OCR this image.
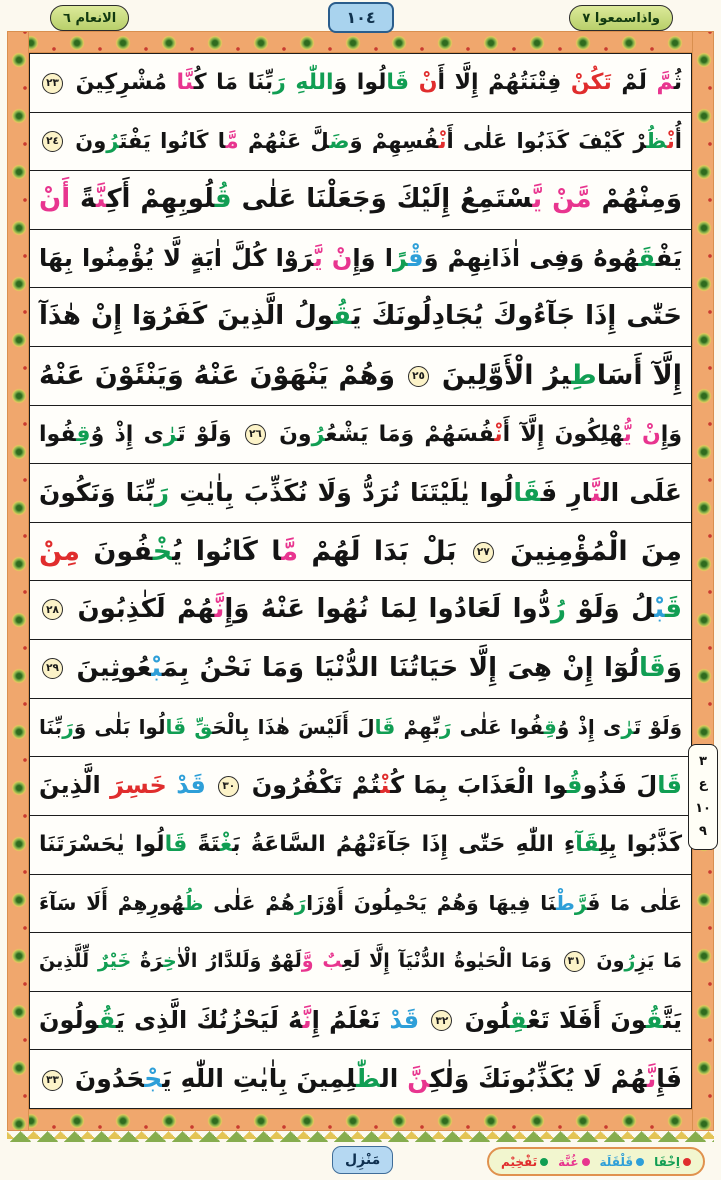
الانعام ٦	١٠٤	واذاسمعوا ٧
ثُمَّ لَمْ تَكُنْ فِتْنَتُهُمْ إِلَّا أَنْ قَالُوا وَاللّٰهِ رَبِّنَا مَا كُنَّا مُشْرِكِينَ ٢٣
أُنْظُرْ كَيْفَ كَذَبُوا عَلٰى أَنْفُسِهِمْ وَضَلَّ عَنْهُمْ مَّا كَانُوا يَفْتَرُونَ ٢٤
وَمِنْهُمْ مَّنْ يَّسْتَمِعُ إِلَيْكَ وَجَعَلْنَا عَلٰى قُلُوبِهِمْ أَكِنَّةً أَنْ
يَفْقَهُوهُ وَفِى اٰذَانِهِمْ وَقْرًا وَإِنْ يَّرَوْا كُلَّ اٰيَةٍ لَّا يُؤْمِنُوا بِهَا
حَتّٰى إِذَا جَآءُوكَ يُجَادِلُونَكَ يَقُولُ الَّذِينَ كَفَرُوٓا إِنْ هٰذَآ
إِلَّآ أَسَاطِيرُ الْأَوَّلِينَ ٢٥ وَهُمْ يَنْهَوْنَ عَنْهُ وَيَنْئَوْنَ عَنْهُ
وَإِنْ يُّهْلِكُونَ إِلَّآ أَنْفُسَهُمْ وَمَا يَشْعُرُونَ ٢٦ وَلَوْ تَرٰى إِذْ وُقِفُوا
عَلَى النَّارِ فَقَالُوا يٰلَيْتَنَا نُرَدُّ وَلَا نُكَذِّبَ بِاٰيٰتِ رَبِّنَا وَنَكُونَ
مِنَ الْمُؤْمِنِينَ ٢٧ بَلْ بَدَا لَهُمْ مَّا كَانُوا يُخْفُونَ مِنْ
قَبْلُ وَلَوْ رُدُّوا لَعَادُوا لِمَا نُهُوا عَنْهُ وَإِنَّهُمْ لَكٰذِبُونَ ٢٨
وَقَالُوٓا إِنْ هِىَ إِلَّا حَيَاتُنَا الدُّنْيَا وَمَا نَحْنُ بِمَبْعُوثِينَ ٢٩
وَلَوْ تَرٰى إِذْ وُقِفُوا عَلٰى رَبِّهِمْ قَالَ أَلَيْسَ هٰذَا بِالْحَقِّ قَالُوا بَلٰى وَرَبِّنَا
قَالَ فَذُوقُوا الْعَذَابَ بِمَا كُنْتُمْ تَكْفُرُونَ ٣٠ قَدْ خَسِرَ الَّذِينَ
كَذَّبُوا بِلِقَآءِ اللّٰهِ حَتّٰى إِذَا جَآءَتْهُمُ السَّاعَةُ بَغْتَةً قَالُوا يٰحَسْرَتَنَا
عَلٰى مَا فَرَّطْنَا فِيهَا وَهُمْ يَحْمِلُونَ أَوْزَارَهُمْ عَلٰى ظُهُورِهِمْ أَلَا سَآءَ
مَا يَزِرُونَ ٣١ وَمَا الْحَيٰوةُ الدُّنْيَآ إِلَّا لَعِبٌ وَّلَهْوٌ وَلَلدَّارُ الْاٰخِرَةُ خَيْرٌ لِّلَّذِينَ
يَتَّقُونَ أَفَلَا تَعْقِلُونَ ٣٢ قَدْ نَعْلَمُ إِنَّهُ لَيَحْزُنُكَ الَّذِى يَقُولُونَ
فَإِنَّهُمْ لَا يُكَذِّبُونَكَ وَلٰكِنَّ الظّٰلِمِينَ بِاٰيٰتِ اللّٰهِ يَجْحَدُونَ ٣٣
٣
ع
١٠
٩
مَنْزِل	اِخْفَا
قَلْقَلَة
غُنَّة
تَفْخِيْم
